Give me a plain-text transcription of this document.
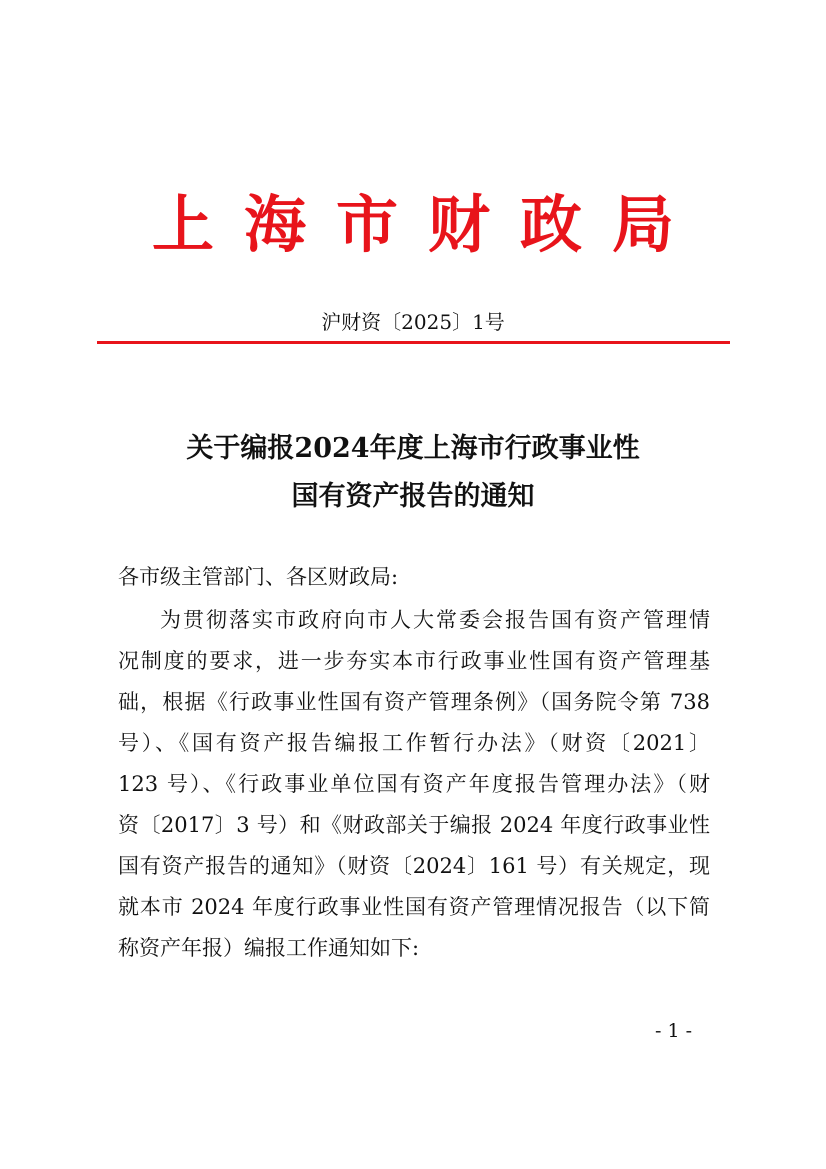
上海市财政局
沪财资〔2025〕1号
关于编报2024年度上海市行政事业性
国有资产报告的通知
各市级主管部门、各区财政局:
为贯彻落实市政府向市人大常委会报告国有资产管理情
况制度的要求，进一步夯实本市行政事业性国有资产管理基
础，根据《行政事业性国有资产管理条例》（国务院令第 738
号）、《国有资产报告编报工作暂行办法》（财资〔2021〕
123 号）、《行政事业单位国有资产年度报告管理办法》（财
资〔2017〕3 号）和《财政部关于编报 2024 年度行政事业性
国有资产报告的通知》（财资〔2024〕161 号）有关规定，现
就本市 2024 年度行政事业性国有资产管理情况报告（以下简
称资产年报）编报工作通知如下:
- 1 -
